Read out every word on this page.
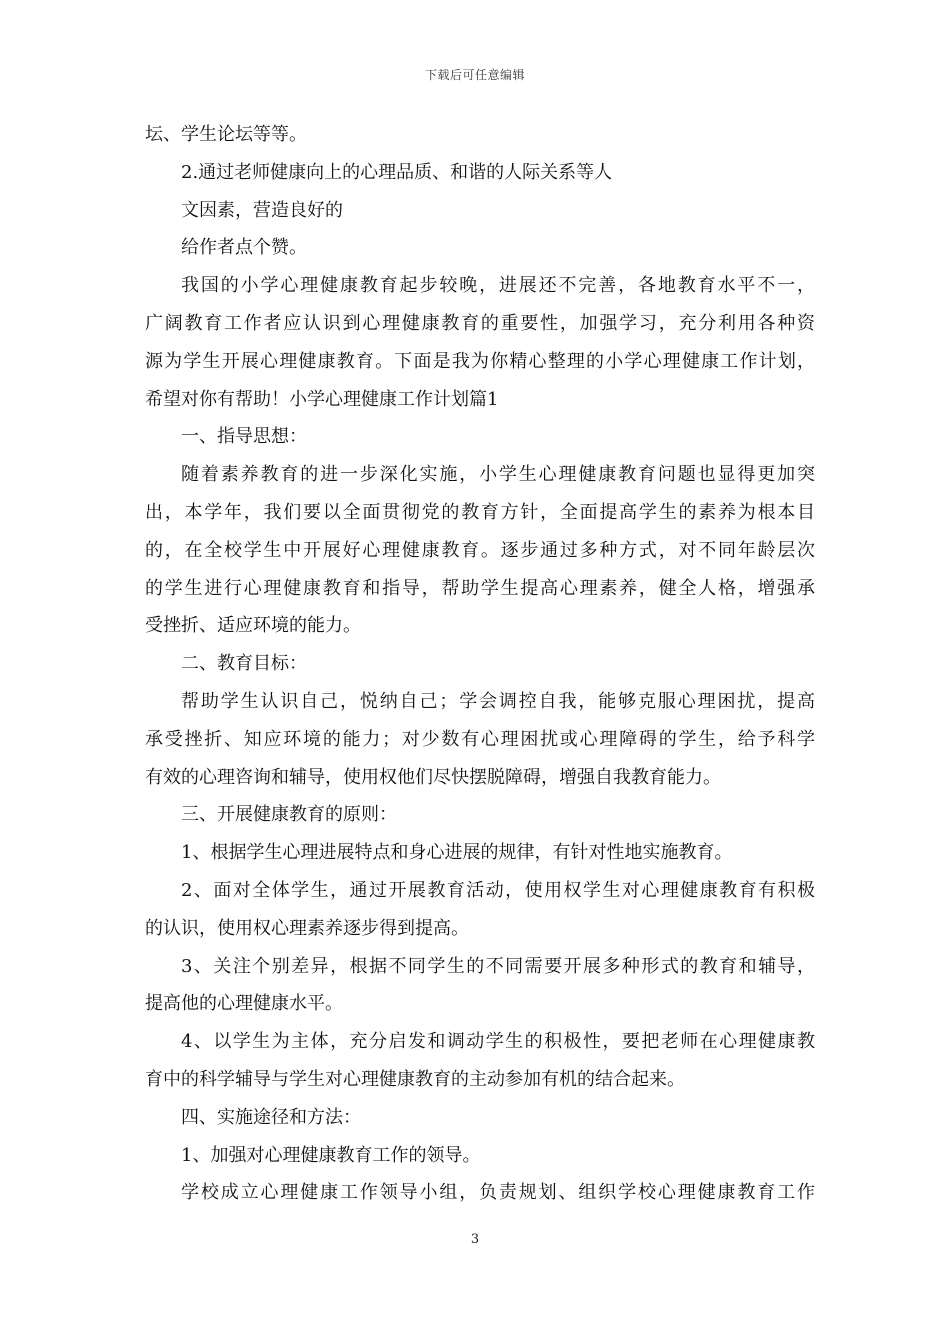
下载后可任意编辑
坛、学生论坛等等。
2.通过老师健康向上的心理品质、和谐的人际关系等人
文因素，营造良好的
给作者点个赞。
我国的小学心理健康教育起步较晚，进展还不完善，各地教育水平不一，
广阔教育工作者应认识到心理健康教育的重要性，加强学习，充分利用各种资
源为学生开展心理健康教育。下面是我为你精心整理的小学心理健康工作计划，
希望对你有帮助！小学心理健康工作计划篇1
一、指导思想：
随着素养教育的进一步深化实施，小学生心理健康教育问题也显得更加突
出，本学年，我们要以全面贯彻党的教育方针，全面提高学生的素养为根本目
的，在全校学生中开展好心理健康教育。逐步通过多种方式，对不同年龄层次
的学生进行心理健康教育和指导，帮助学生提高心理素养，健全人格，增强承
受挫折、适应环境的能力。
二、教育目标：
帮助学生认识自己，悦纳自己；学会调控自我，能够克服心理困扰，提高
承受挫折、知应环境的能力；对少数有心理困扰或心理障碍的学生，给予科学
有效的心理咨询和辅导，使用权他们尽快摆脱障碍，增强自我教育能力。
三、开展健康教育的原则：
1、根据学生心理进展特点和身心进展的规律，有针对性地实施教育。
2、面对全体学生，通过开展教育活动，使用权学生对心理健康教育有积极
的认识，使用权心理素养逐步得到提高。
3、关注个别差异，根据不同学生的不同需要开展多种形式的教育和辅导，
提高他的心理健康水平。
4、以学生为主体，充分启发和调动学生的积极性，要把老师在心理健康教
育中的科学辅导与学生对心理健康教育的主动参加有机的结合起来。
四、实施途径和方法：
1、加强对心理健康教育工作的领导。
学校成立心理健康工作领导小组，负责规划、组织学校心理健康教育工作
3
